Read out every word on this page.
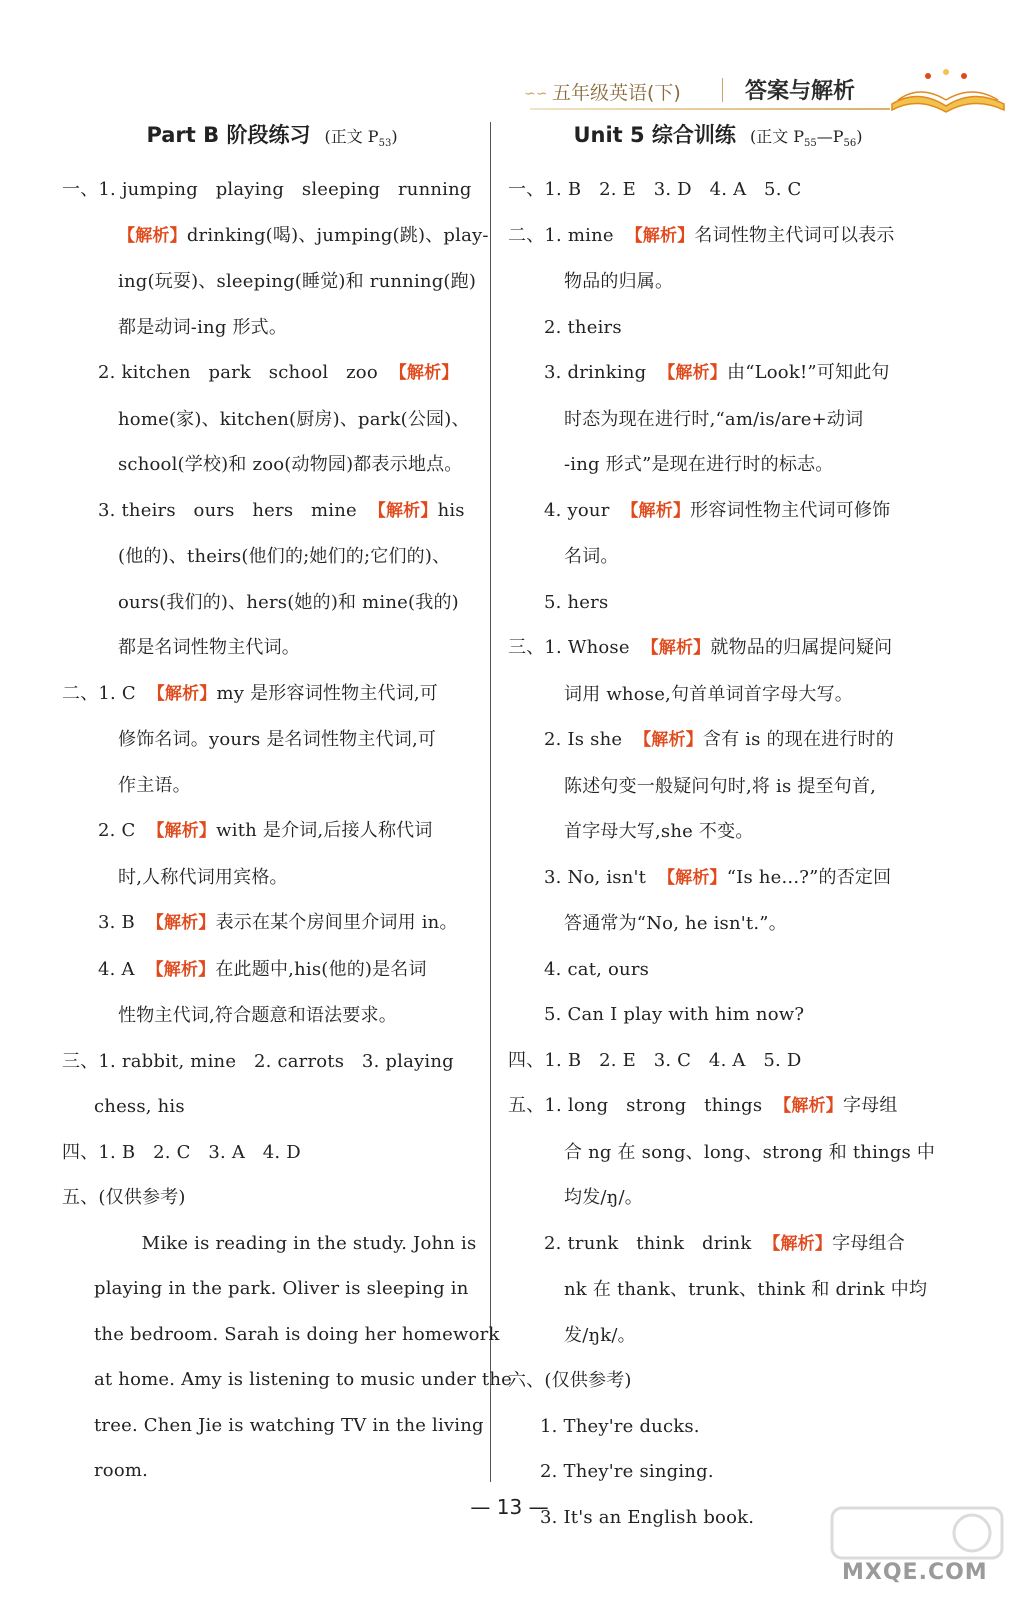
∽∽ 五年级英语(下)	答案与解析
Part B 阶段练习 (正文 $P_{53}$)
一、1. jumping   playing   sleeping   running
【解析】drinking(喝)、jumping(跳)、play-
ing(玩耍)、sleeping(睡觉)和 running(跑)
都是动词-ing 形式。
2. kitchen   park   school   zoo  【解析】
home(家)、kitchen(厨房)、park(公园)、
school(学校)和 zoo(动物园)都表示地点。
3. theirs   ours   hers   mine  【解析】his
(他的)、theirs(他们的;她们的;它们的)、
ours(我们的)、hers(她的)和 mine(我的)
都是名词性物主代词。
二、1. C  【解析】my 是形容词性物主代词,可
修饰名词。yours 是名词性物主代词,可
作主语。
2. C  【解析】with 是介词,后接人称代词
时,人称代词用宾格。
3. B  【解析】表示在某个房间里介词用 in。
4. A  【解析】在此题中,his(他的)是名词
性物主代词,符合题意和语法要求。
三、1. rabbit, mine   2. carrots   3. playing
chess, his
四、1. B   2. C   3. A   4. D
五、(仅供参考)
Mike is reading in the study. John is
playing in the park. Oliver is sleeping in
the bedroom. Sarah is doing her homework
at home. Amy is listening to music under the
tree. Chen Jie is watching TV in the living
room.
Unit 5 综合训练 (正文 $P_{55}—P_{56}$)
一、1. B   2. E   3. D   4. A   5. C
二、1. mine  【解析】名词性物主代词可以表示
物品的归属。
2. theirs
3. drinking  【解析】由“Look!”可知此句
时态为现在进行时,“am/is/are+动词
-ing 形式”是现在进行时的标志。
4. your  【解析】形容词性物主代词可修饰
名词。
5. hers
三、1. Whose  【解析】就物品的归属提问疑问
词用 whose,句首单词首字母大写。
2. Is she  【解析】含有 is 的现在进行时的
陈述句变一般疑问句时,将 is 提至句首,
首字母大写,she 不变。
3. No, isn't  【解析】“Is he...?”的否定回
答通常为“No, he isn't.”。
4. cat, ours
5. Can I play with him now?
四、1. B   2. E   3. C   4. A   5. D
五、1. long   strong   things  【解析】字母组
合 ng 在 song、long、strong 和 things 中
均发/ŋ/。
2. trunk   think   drink  【解析】字母组合
nk 在 thank、trunk、think 和 drink 中均
发/ŋk/。
六、(仅供参考)
1. They're ducks.
2. They're singing.
3. It's an English book.
— 13 —
MXQE.COM
